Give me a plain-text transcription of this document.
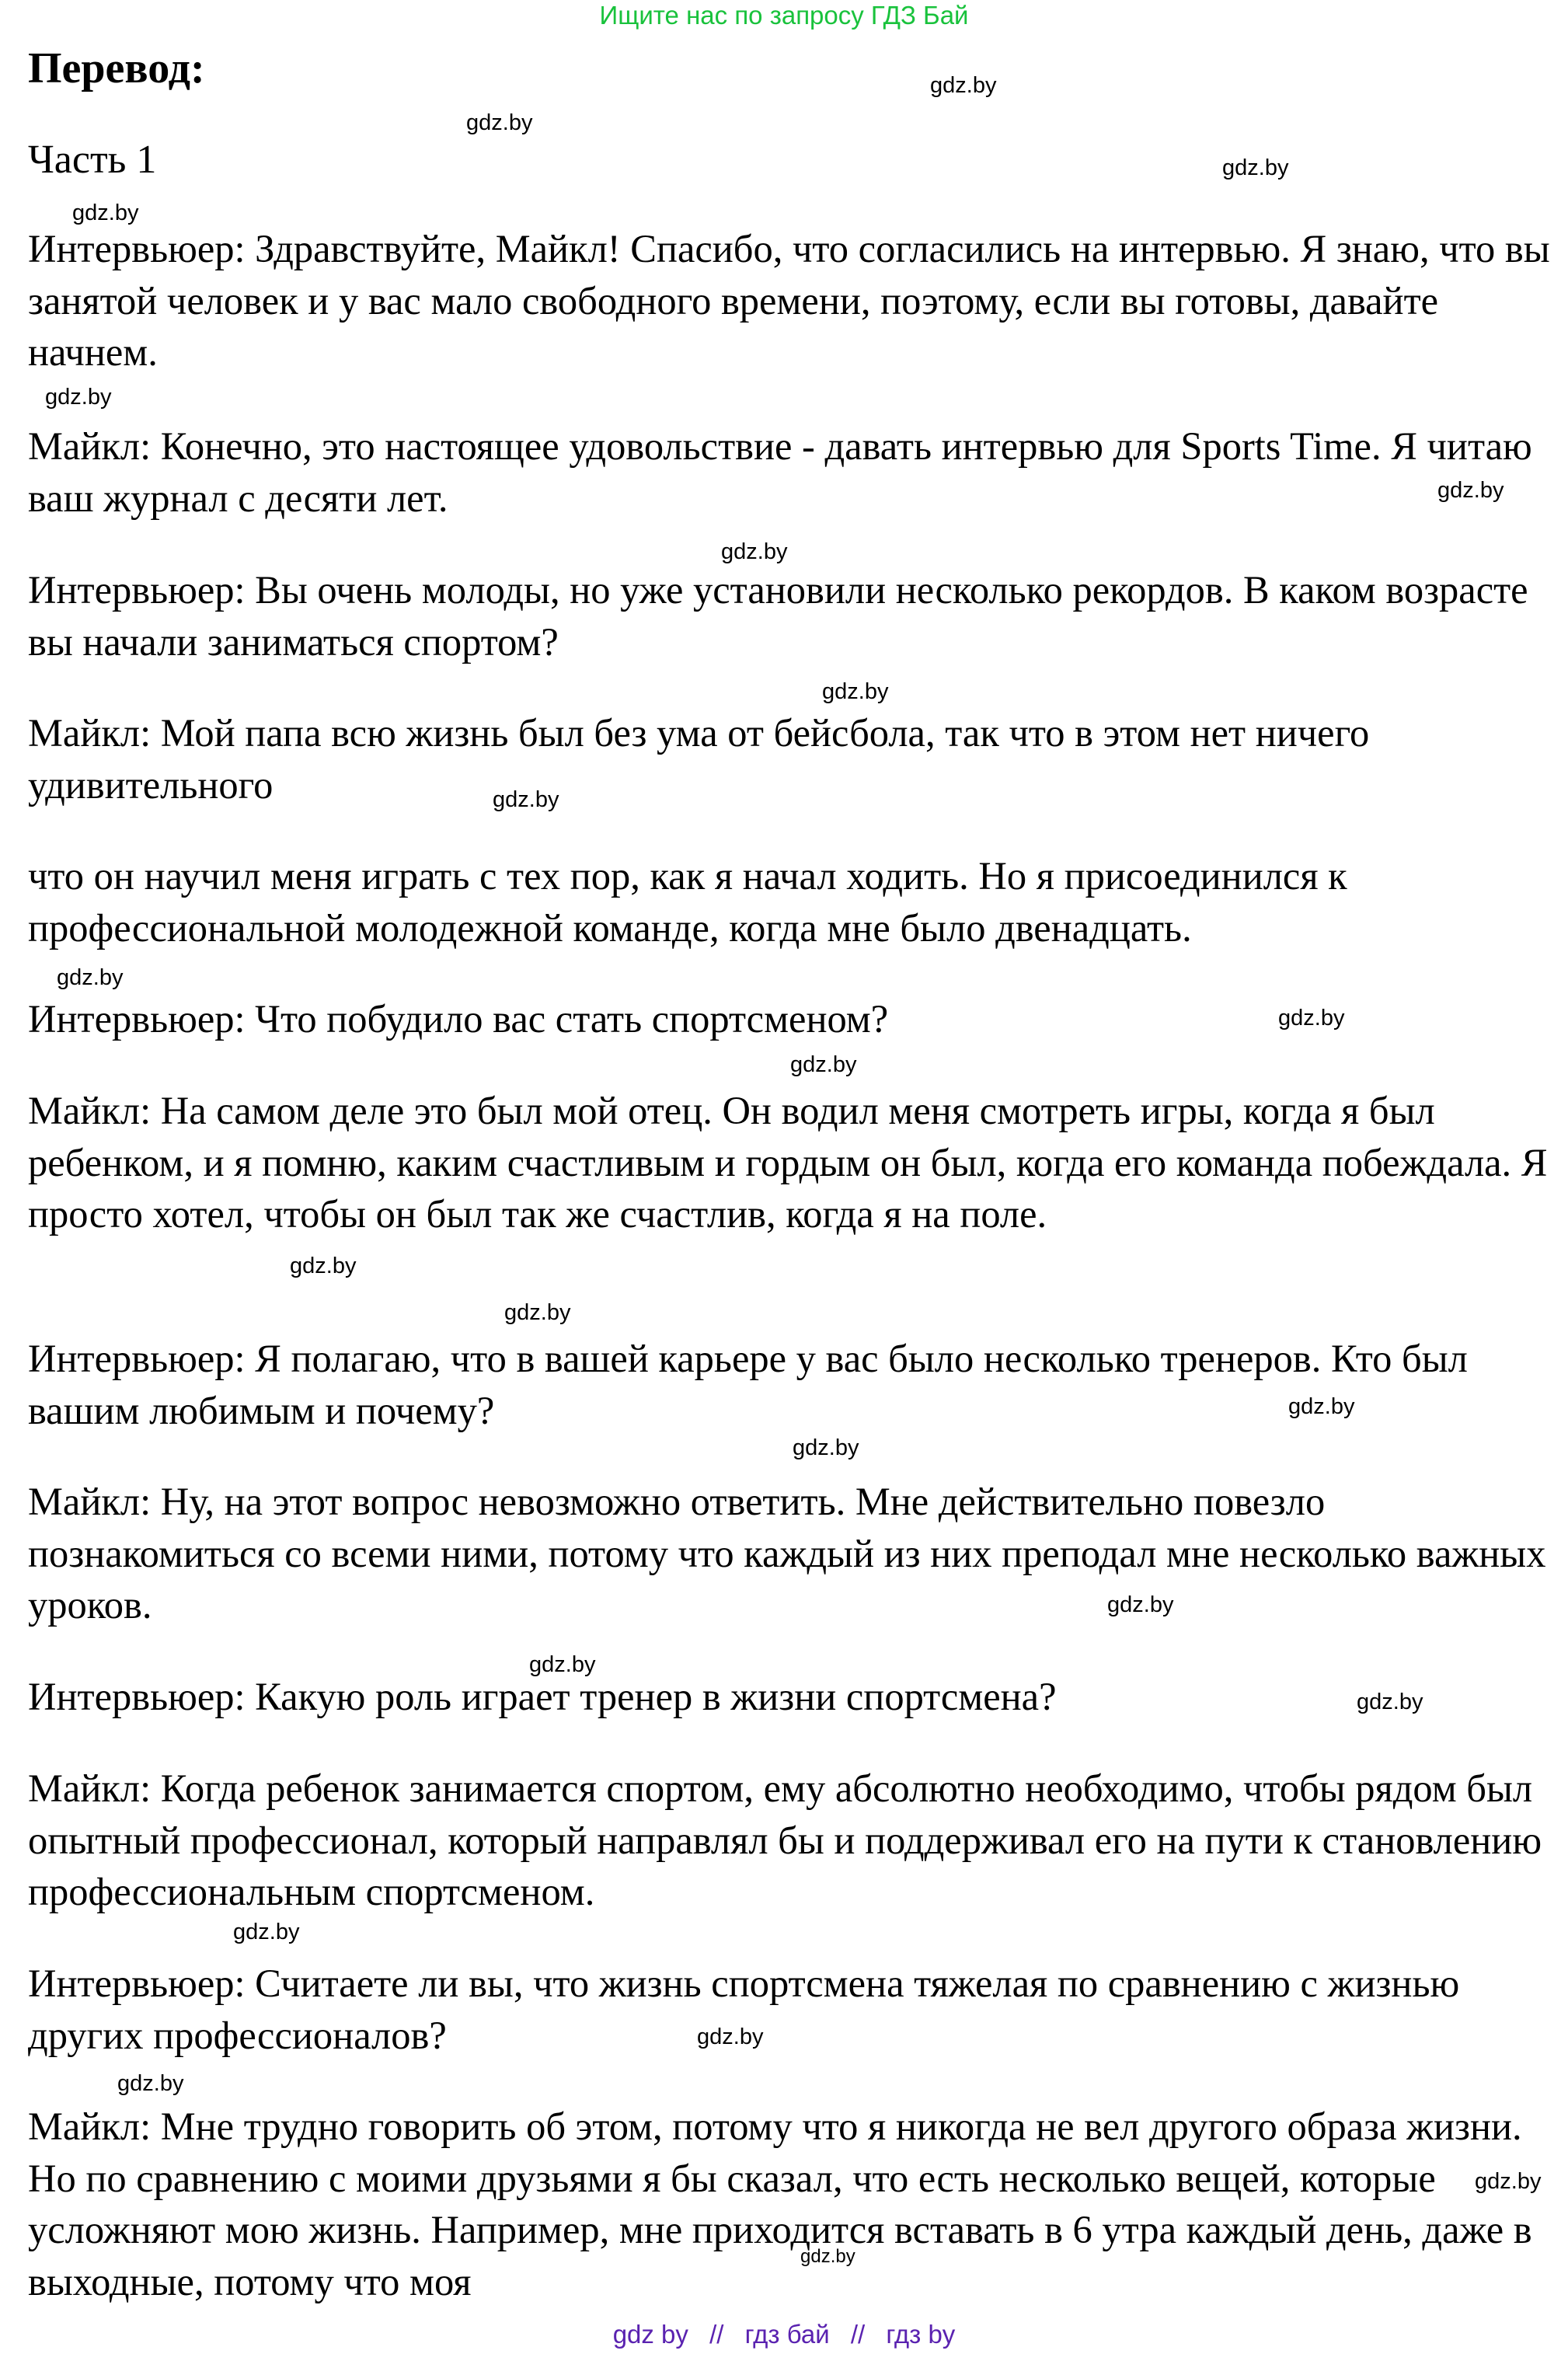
Ищите нас по запросу ГДЗ Бай
Перевод:
Часть 1

Интервьюер: Здравствуйте, Майкл! Спасибо, что согласились на интервью. Я знаю, что вы занятой человек и у вас мало свободного времени, поэтому, если вы готовы, давайте начнем.

Майкл: Конечно, это настоящее удовольствие - давать интервью для Sports Time. Я читаю ваш журнал с десяти лет.

Интервьюер: Вы очень молоды, но уже установили несколько рекордов. В каком возрасте вы начали заниматься спортом?

Майкл: Мой папа всю жизнь был без ума от бейсбола, так что в этом нет ничего удивительного

что он научил меня играть с тех пор, как я начал ходить. Но я присоединился к профессиональной молодежной команде, когда мне было двенадцать.

Интервьюер: Что побудило вас стать спортсменом?

Майкл: На самом деле это был мой отец. Он водил меня смотреть игры, когда я был ребенком, и я помню, каким счастливым и гордым он был, когда его команда побеждала. Я просто хотел, чтобы он был так же счастлив, когда я на поле.

Интервьюер: Я полагаю, что в вашей карьере у вас было несколько тренеров. Кто был вашим любимым и почему?

Майкл: Ну, на этот вопрос невозможно ответить. Мне действительно повезло познакомиться со всеми ними, потому что каждый из них преподал мне несколько важных уроков.

Интервьюер: Какую роль играет тренер в жизни спортсмена?

Майкл: Когда ребенок занимается спортом, ему абсолютно необходимо, чтобы рядом был опытный профессионал, который направлял бы и поддерживал его на пути к становлению профессиональным спортсменом.

Интервьюер: Считаете ли вы, что жизнь спортсмена тяжелая по сравнению с жизнью других профессионалов?

Майкл: Мне трудно говорить об этом, потому что я никогда не вел другого образа жизни. Но по сравнению с моими друзьями я бы сказал, что есть несколько вещей, которые усложняют мою жизнь. Например, мне приходится вставать в 6 утра каждый день, даже в выходные, потому что моя

gdz.by
gdz.by
gdz.by
gdz.by
gdz.by
gdz.by
gdz.by
gdz.by
gdz.by
gdz.by
gdz.by
gdz.by
gdz.by
gdz.by
gdz.by
gdz.by
gdz.by
gdz.by
gdz.by
gdz.by
gdz.by
gdz.by
gdz.by
gdz.by
gdz by // гдз бай // гдз by
